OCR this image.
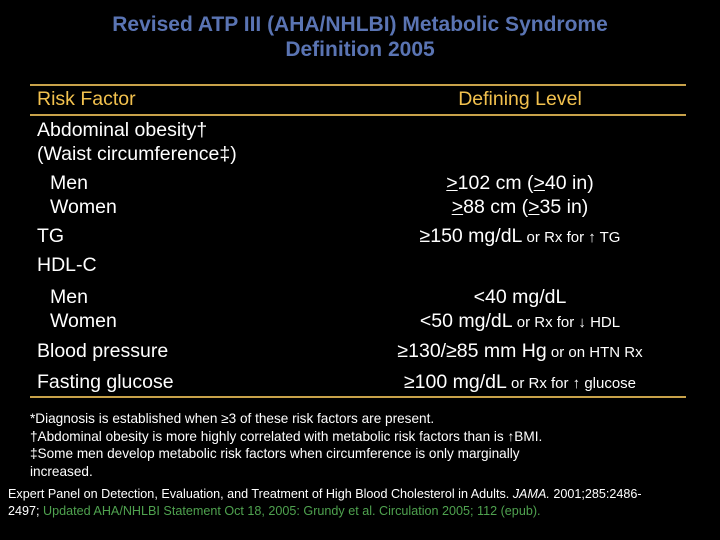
Revised ATP III (AHA/NHLBI) Metabolic Syndrome
Definition 2005
Risk Factor	Defining Level
Abdominal obesity†
(Waist circumference‡)
Men	>102 cm (>40 in)
Women	>88 cm (>35 in)
TG	≥150 mg/dL or Rx for ↑ TG
HDL-C
Men	<40 mg/dL
Women	<50 mg/dL or Rx for ↓ HDL
Blood pressure	≥130/≥85 mm Hg or on HTN Rx
Fasting glucose	≥100 mg/dL or Rx for ↑ glucose
*Diagnosis is established when ≥3 of these risk factors are present.
†Abdominal obesity is more highly correlated with metabolic risk factors than is ↑BMI.
‡Some men develop metabolic risk factors when circumference is only marginally
increased.
Expert Panel on Detection, Evaluation, and Treatment of High Blood Cholesterol in Adults. JAMA. 2001;285:2486-
2497; Updated AHA/NHLBI Statement Oct 18, 2005: Grundy et al. Circulation 2005; 112 (epub).
